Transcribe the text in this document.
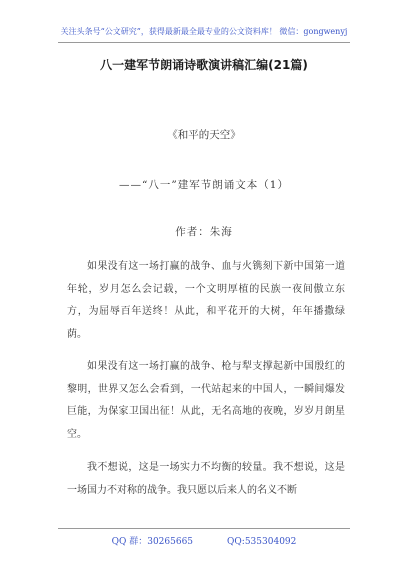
关注头条号“公文研究”，获得最新最全最专业的公文资料库！ 微信：gongwenyj
八一建军节朗诵诗歌演讲稿汇编(21篇)
《和平的天空》
——“八一”建军节朗诵文本（1）
作者：朱海

如果没有这一场打赢的战争、血与火镌刻下新中国第一道年轮，岁月怎么会记载，一个文明厚植的民族一夜间傲立东方，为屈辱百年送终！从此，和平花开的大树，年年播撒绿荫。

如果没有这一场打赢的战争、枪与犁支撑起新中国殷红的黎明，世界又怎么会看到，一代站起来的中国人，一瞬间爆发巨能，为保家卫国出征！从此，无名高地的夜晚，岁岁月朗星空。

我不想说，这是一场实力不均衡的较量。我不想说，这是一场国力不对称的战争。我只愿以后来人的名义不断

QQ 群：30265665	QQ:535304092
